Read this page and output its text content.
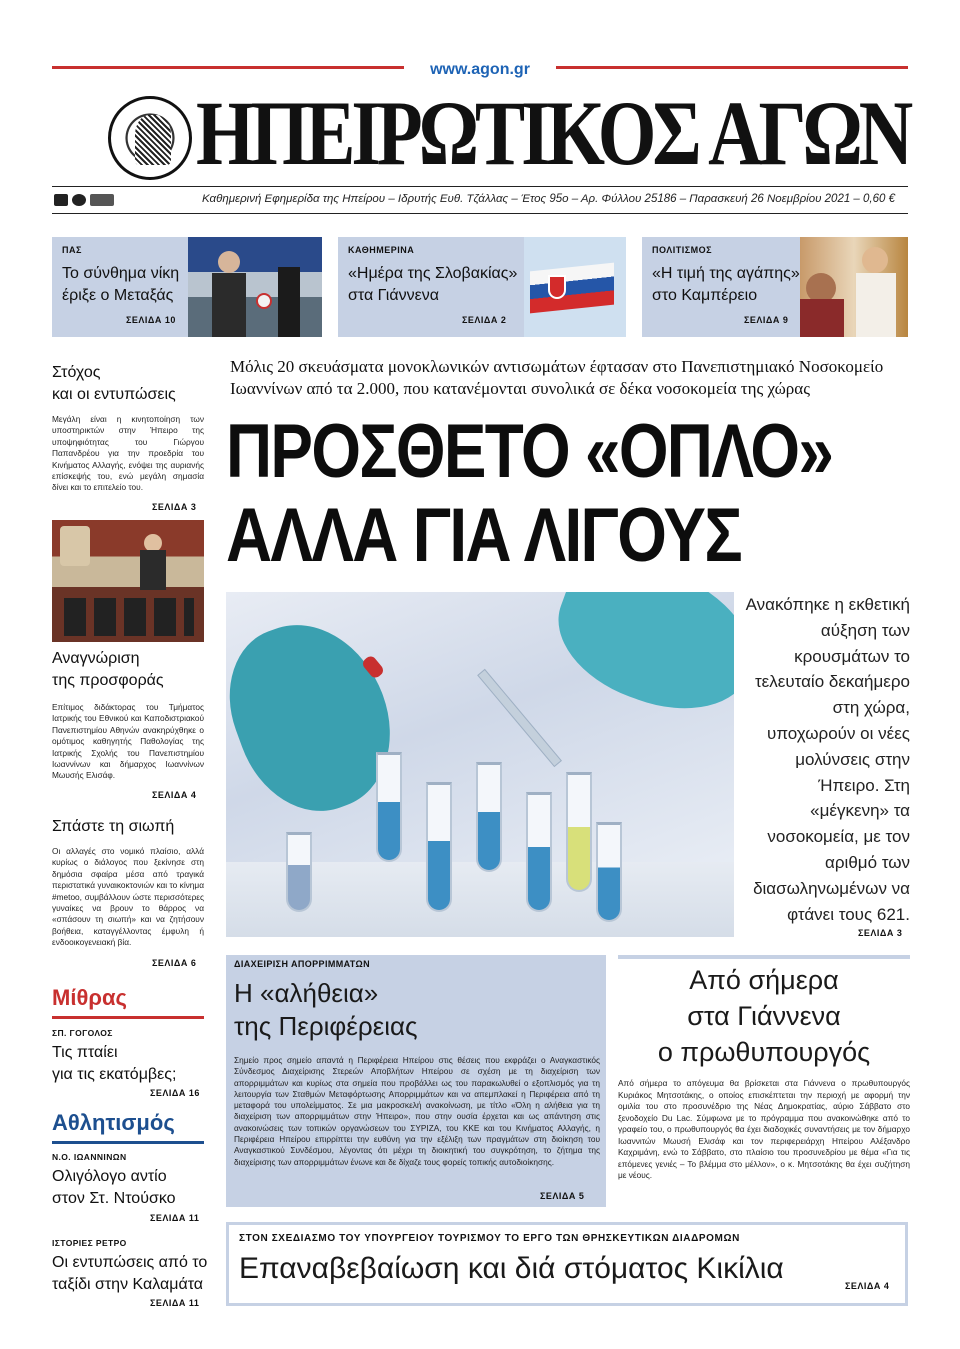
www.agon.gr
ΗΠΕΙΡΩΤΙΚΟΣ ΑΓΩΝ
Καθημερινή Εφημερίδα της Ηπείρου – Ιδρυτής Ευθ. Τζάλλας – Έτος 95ο – Αρ. Φύλλου 25186 – Παρασκευή 26 Νοεμβρίου 2021 – 0,60 €
ΠΑΣ
Το σύνθημα νίκη
έριξε ο Μεταξάς
ΣΕΛΙΔΑ 10
ΚΑΘΗΜΕΡΙΝΑ
«Ημέρα της Σλοβακίας»
στα Γιάννενα
ΣΕΛΙΔΑ 2
ΠΟΛΙΤΙΣΜΟΣ
«Η τιμή της αγάπης»
στο Καμπέρειο
ΣΕΛΙΔΑ 9
Στόχος
και οι εντυπώσεις
Μεγάλη είναι η κινητοποίηση των υποστηρικτών στην Ήπειρο της υποψηφιότητας του Γιώργου Παπανδρέου για την προεδρία του Κινήματος Αλλαγής, ενόψει της αυριανής επίσκεψής του, ενώ μεγάλη σημασία δίνει και το επιτελείο του.
ΣΕΛΙΔΑ 3
Αναγνώριση
της προσφοράς
Επίτιμος διδάκτορας του Τμήματος Ιατρικής του Εθνικού και Καποδιστριακού Πανεπιστημίου Αθηνών ανακηρύχθηκε ο ομότιμος καθηγητής Παθολογίας της Ιατρικής Σχολής του Πανεπιστημίου Ιωαννίνων και δήμαρχος Ιωαννίνων Μωυσής Ελισάφ.
ΣΕΛΙΔΑ 4
Σπάστε τη σιωπή
Οι αλλαγές στο νομικό πλαίσιο, αλλά κυρίως ο διάλογος που ξεκίνησε στη δημόσια σφαίρα μέσα από τραγικά περιστατικά γυναικοκτονιών και το κίνημα #metoo, συμβάλλουν ώστε περισσότερες γυναίκες να βρουν το θάρρος να «σπάσουν τη σιωπή» και να ζητήσουν βοήθεια, καταγγέλλοντας έμφυλη ή ενδοοικογενειακή βία.
ΣΕΛΙΔΑ 6
Μίθρας
ΣΠ. ΓΟΓΟΛΟΣ
Τις πταίει
για τις εκατόμβες;
ΣΕΛΙΔΑ 16
Αθλητισμός
Ν.Ο. ΙΩΑΝΝΙΝΩΝ
Ολιγόλογο αντίο
στον Στ. Ντούσκο
ΣΕΛΙΔΑ 11
ΙΣΤΟΡΙΕΣ ΡΕΤΡΟ
Οι εντυπώσεις από το
ταξίδι στην Καλαμάτα
ΣΕΛΙΔΑ 11
Μόλις 20 σκευάσματα μονοκλωνικών αντισωμάτων έφτασαν στο Πανεπιστημιακό Νοσοκομείο
Ιωαννίνων από τα 2.000, που κατανέμονται συνολικά σε δέκα νοσοκομεία της χώρας
ΠΡΟΣΘΕΤΟ «ΟΠΛΟ»
ΑΛΛΑ ΓΙΑ ΛΙΓΟΥΣ
Ανακόπηκε η εκθετική αύξηση των κρουσμάτων το τελευταίο δεκαήμερο στη χώρα, υποχωρούν οι νέες μολύνσεις στην Ήπειρο. Στη «μέγκενη» τα νοσοκομεία, με τον αριθμό των διασωληνωμένων να φτάνει τους 621.
ΣΕΛΙΔΑ 3
ΔΙΑΧΕΙΡΙΣΗ ΑΠΟΡΡΙΜΜΑΤΩΝ
Η «αλήθεια»
της Περιφέρειας
Σημείο προς σημείο απαντά η Περιφέρεια Ηπείρου στις θέσεις που εκφράζει ο Αναγκαστικός Σύνδεσμος Διαχείρισης Στερεών Αποβλήτων Ηπείρου σε σχέση με τη διαχείριση των απορριμμάτων και κυρίως στα σημεία που προβάλλει ως του παρακωλυθεί ο εξοπλισμός για τη λειτουργία των Σταθμών Μεταφόρτωσης Απορριμμάτων και να απεμπλακεί η Περιφέρεια από τη μεταφορά του υπολείμματος. Σε μια μακροσκελή ανακοίνωση, με τίτλο «Όλη η αλήθεια για τη διαχείριση των απορριμμάτων στην Ήπειρο», που στην ουσία έρχεται και ως απάντηση στις ανακοινώσεις των τοπικών οργανώσεων του ΣΥΡΙΖΑ, του ΚΚΕ και του Κινήματος Αλλαγής, η Περιφέρεια Ηπείρου επιρρίπτει την ευθύνη για την εξέλιξη των πραγμάτων στη διοίκηση του Αναγκαστικού Συνδέσμου, λέγοντας ότι μέχρι τη διοικητική του συγκρότηση, το ζήτημα της διαχείρισης των απορριμμάτων ένωνε και δε δίχαζε τους φορείς τοπικής αυτοδιοίκησης.
ΣΕΛΙΔΑ 5
Από σήμερα
στα Γιάννενα
ο πρωθυπουργός
Από σήμερα το απόγευμα θα βρίσκεται στα Γιάννενα ο πρωθυπουργός Κυριάκος Μητσοτάκης, ο οποίος επισκέπτεται την περιοχή με αφορμή την ομιλία του στο προσυνέδριο της Νέας Δημοκρατίας, αύριο Σάββατο στο ξενοδοχείο Du Lac. Σύμφωνα με το πρόγραμμα που ανακοινώθηκε από το γραφείο του, ο πρωθυπουργός θα έχει διαδοχικές συναντήσεις με τον δήμαρχο Ιωαννιτών Μωυσή Ελισάφ και τον περιφερειάρχη Ηπείρου Αλέξανδρο Καχριμάνη, ενώ το Σάββατο, στο πλαίσιο του προσυνεδρίου με θέμα «Για τις επόμενες γενιές – Το βλέμμα στο μέλλον», ο κ. Μητσοτάκης θα έχει συζήτηση με νέους.
ΣΤΟΝ ΣΧΕΔΙΑΣΜΟ ΤΟΥ ΥΠΟΥΡΓΕΙΟΥ ΤΟΥΡΙΣΜΟΥ ΤΟ ΕΡΓΟ ΤΩΝ ΘΡΗΣΚΕΥΤΙΚΩΝ ΔΙΑΔΡΟΜΩΝ
Επαναβεβαίωση και διά στόματος Κικίλια
ΣΕΛΙΔΑ 4
